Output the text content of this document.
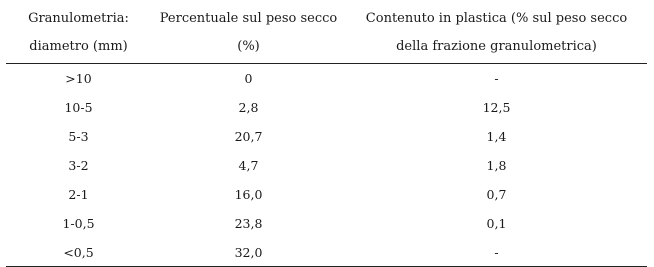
Granulometria:	Percentuale sul peso secco	Contenuto in plastica (% sul peso secco
diametro (mm)	(%)	della frazione granulometrica)
>10	0	-
10-5	2,8	12,5
5-3	20,7	1,4
3-2	4,7	1,8
2-1	16,0	0,7
1-0,5	23,8	0,1
<0,5	32,0	-
